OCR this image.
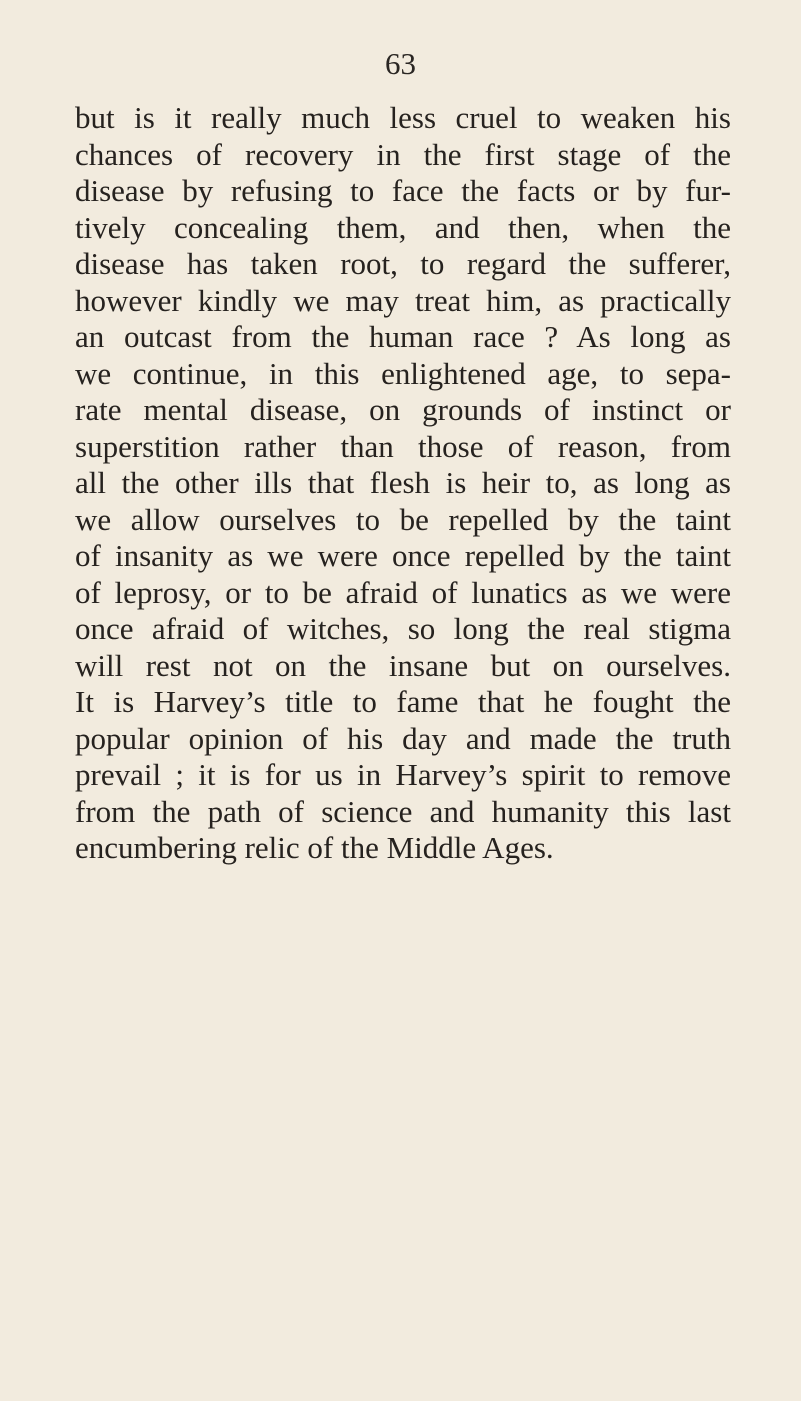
63
but is it really much less cruel to weaken his
chances of recovery in the first stage of the
disease by refusing to face the facts or by fur-
tively concealing them, and then, when the
disease has taken root, to regard the sufferer,
however kindly we may treat him, as practically
an outcast from the human race ? As long as
we continue, in this enlightened age, to sepa-
rate mental disease, on grounds of instinct or
superstition rather than those of reason, from
all the other ills that flesh is heir to, as long as
we allow ourselves to be repelled by the taint
of insanity as we were once repelled by the taint
of leprosy, or to be afraid of lunatics as we were
once afraid of witches, so long the real stigma
will rest not on the insane but on ourselves.
It is Harvey’s title to fame that he fought the
popular opinion of his day and made the truth
prevail ; it is for us in Harvey’s spirit to remove
from the path of science and humanity this last
encumbering relic of the Middle Ages.
